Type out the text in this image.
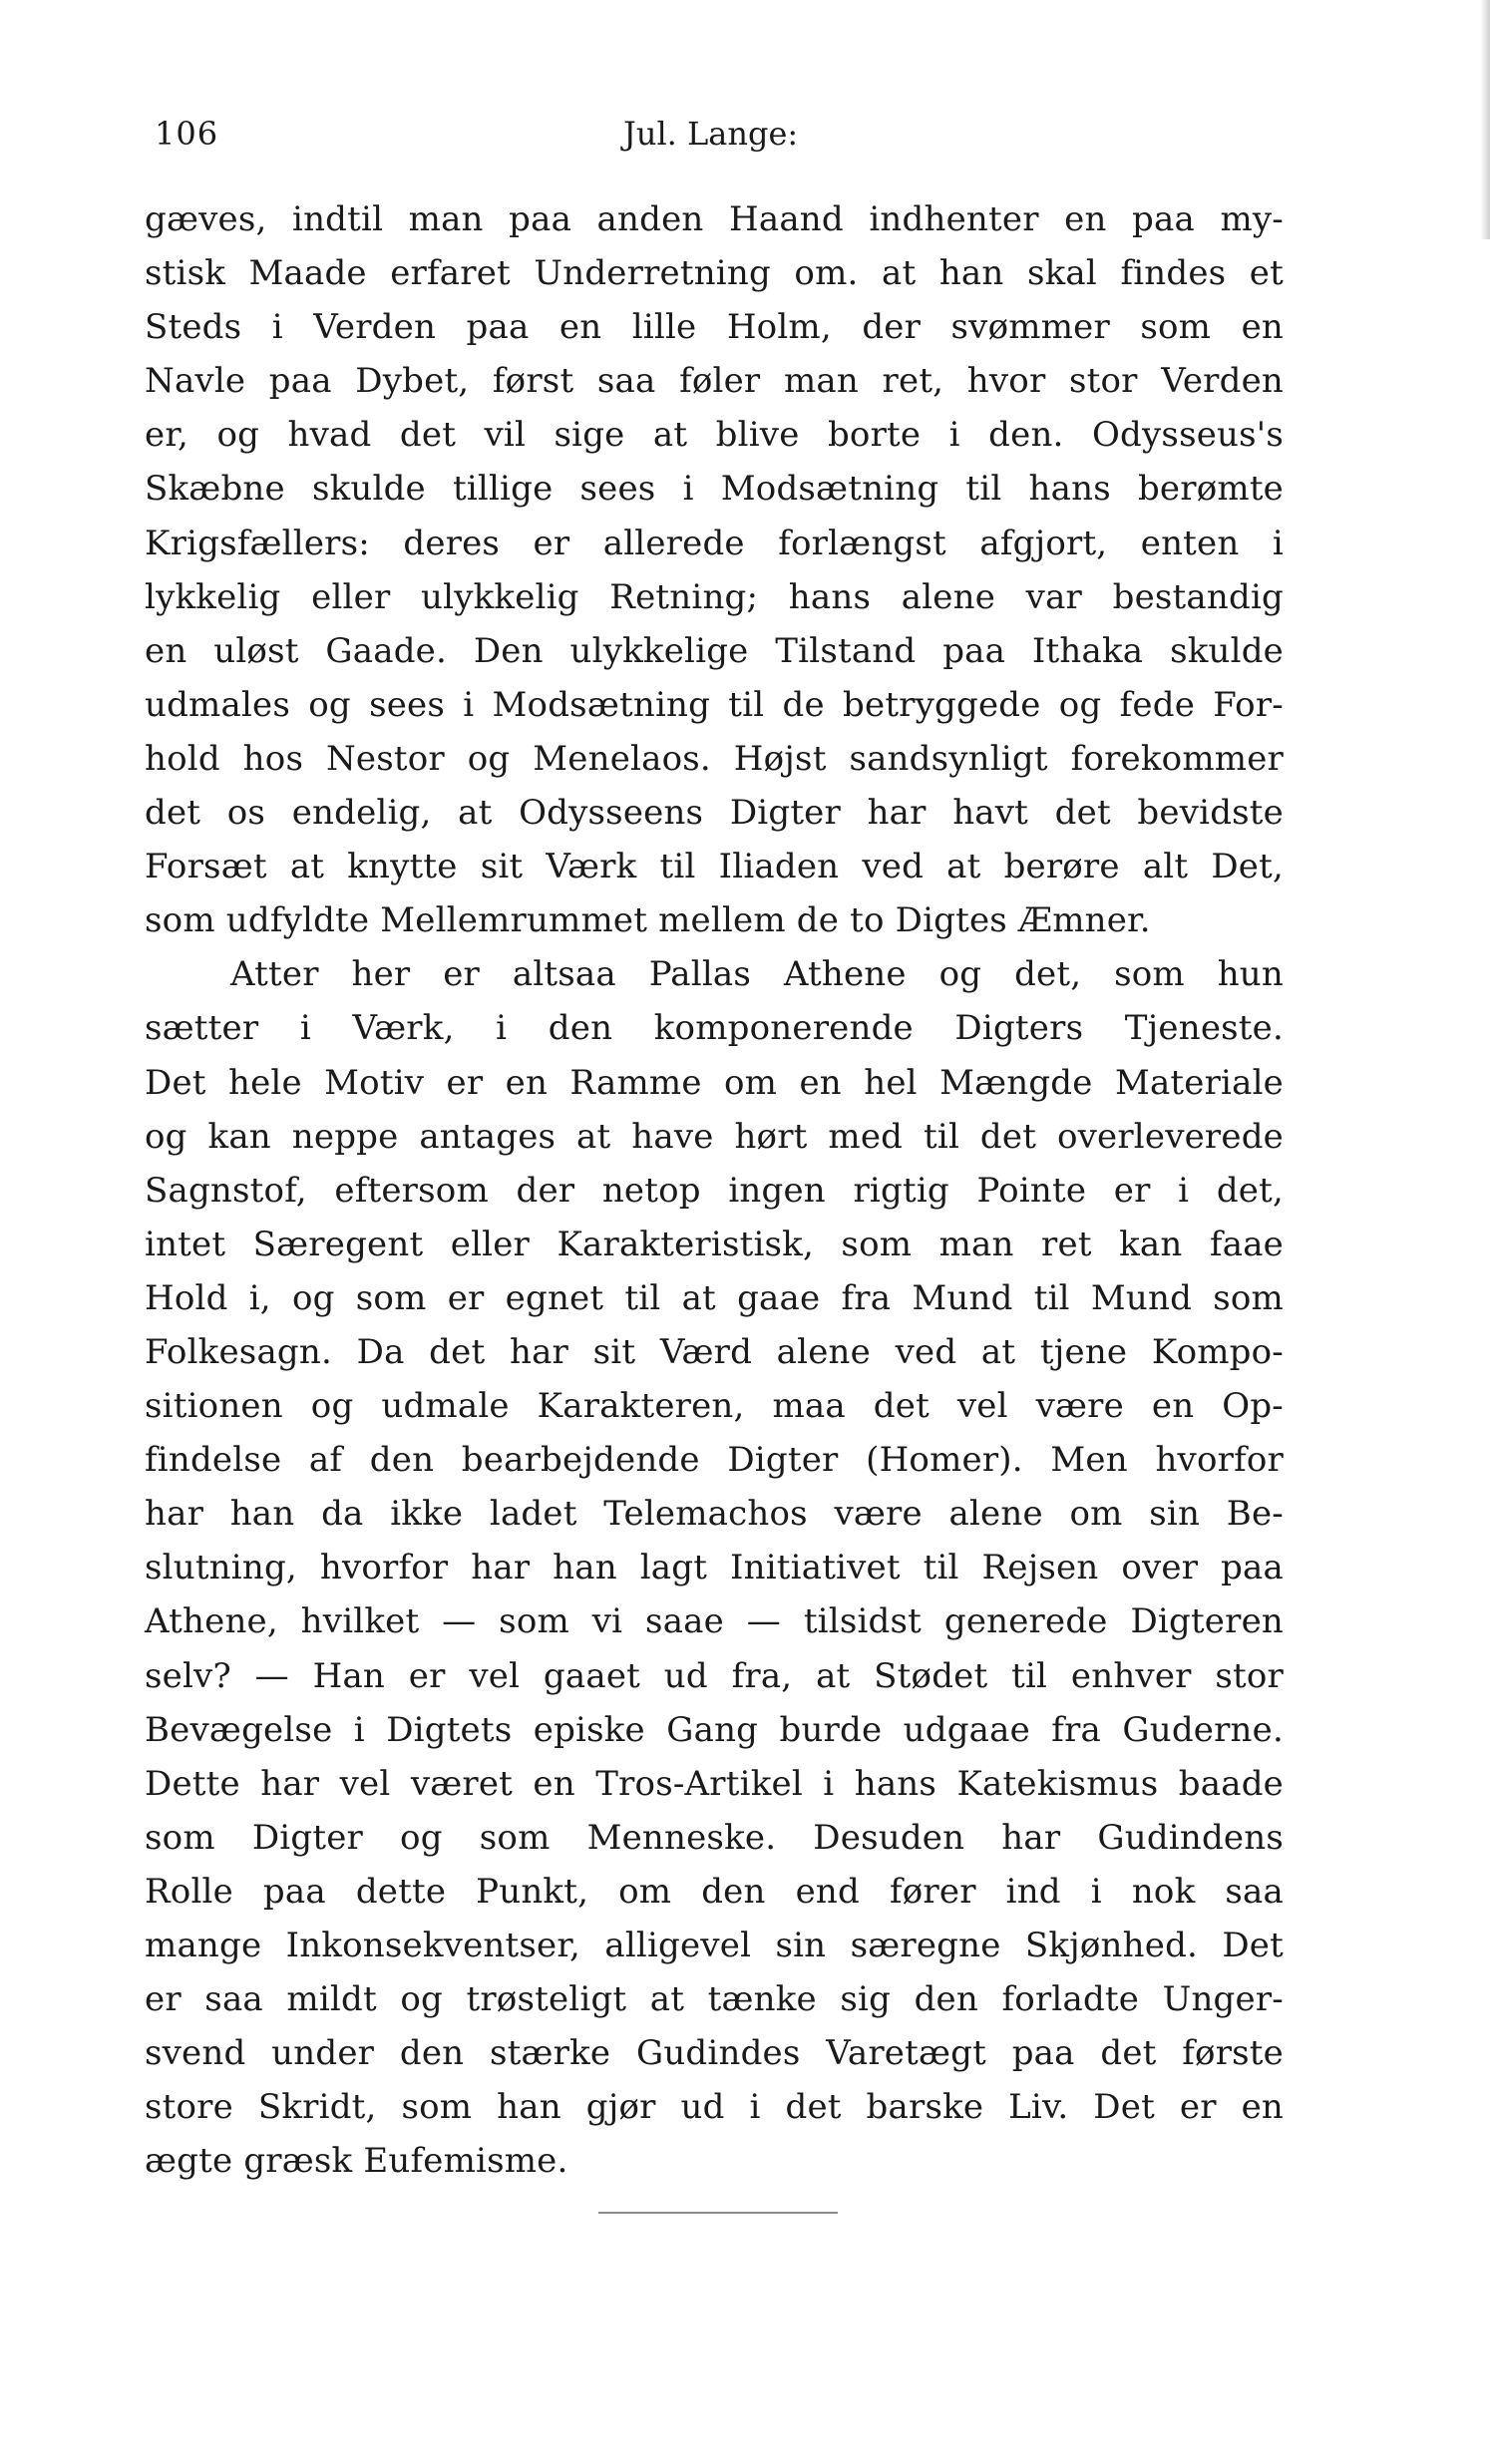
106	Jul. Lange:
gæves, indtil man paa anden Haand indhenter en paa my-
stisk Maade erfaret Underretning om. at han skal findes et
Steds i Verden paa en lille Holm, der svømmer som en
Navle paa Dybet, først saa føler man ret, hvor stor Verden
er, og hvad det vil sige at blive borte i den. Odysseus's
Skæbne skulde tillige sees i Modsætning til hans berømte
Krigsfællers: deres er allerede forlængst afgjort, enten i
lykkelig eller ulykkelig Retning; hans alene var bestandig
en uløst Gaade. Den ulykkelige Tilstand paa Ithaka skulde
udmales og sees i Modsætning til de betryggede og fede For-
hold hos Nestor og Menelaos. Højst sandsynligt forekommer
det os endelig, at Odysseens Digter har havt det bevidste
Forsæt at knytte sit Værk til Iliaden ved at berøre alt Det,
som udfyldte Mellemrummet mellem de to Digtes Æmner.
Atter her er altsaa Pallas Athene og det, som hun
sætter i Værk, i den komponerende Digters Tjeneste.
Det hele Motiv er en Ramme om en hel Mængde Materiale
og kan neppe antages at have hørt med til det overleverede
Sagnstof, eftersom der netop ingen rigtig Pointe er i det,
intet Særegent eller Karakteristisk, som man ret kan faae
Hold i, og som er egnet til at gaae fra Mund til Mund som
Folkesagn. Da det har sit Værd alene ved at tjene Kompo-
sitionen og udmale Karakteren, maa det vel være en Op-
findelse af den bearbejdende Digter (Homer). Men hvorfor
har han da ikke ladet Telemachos være alene om sin Be-
slutning, hvorfor har han lagt Initiativet til Rejsen over paa
Athene, hvilket — som vi saae — tilsidst generede Digteren
selv? — Han er vel gaaet ud fra, at Stødet til enhver stor
Bevægelse i Digtets episke Gang burde udgaae fra Guderne.
Dette har vel været en Tros-Artikel i hans Katekismus baade
som Digter og som Menneske. Desuden har Gudindens
Rolle paa dette Punkt, om den end fører ind i nok saa
mange Inkonsekventser, alligevel sin særegne Skjønhed. Det
er saa mildt og trøsteligt at tænke sig den forladte Unger-
svend under den stærke Gudindes Varetægt paa det første
store Skridt, som han gjør ud i det barske Liv. Det er en
ægte græsk Eufemisme.
